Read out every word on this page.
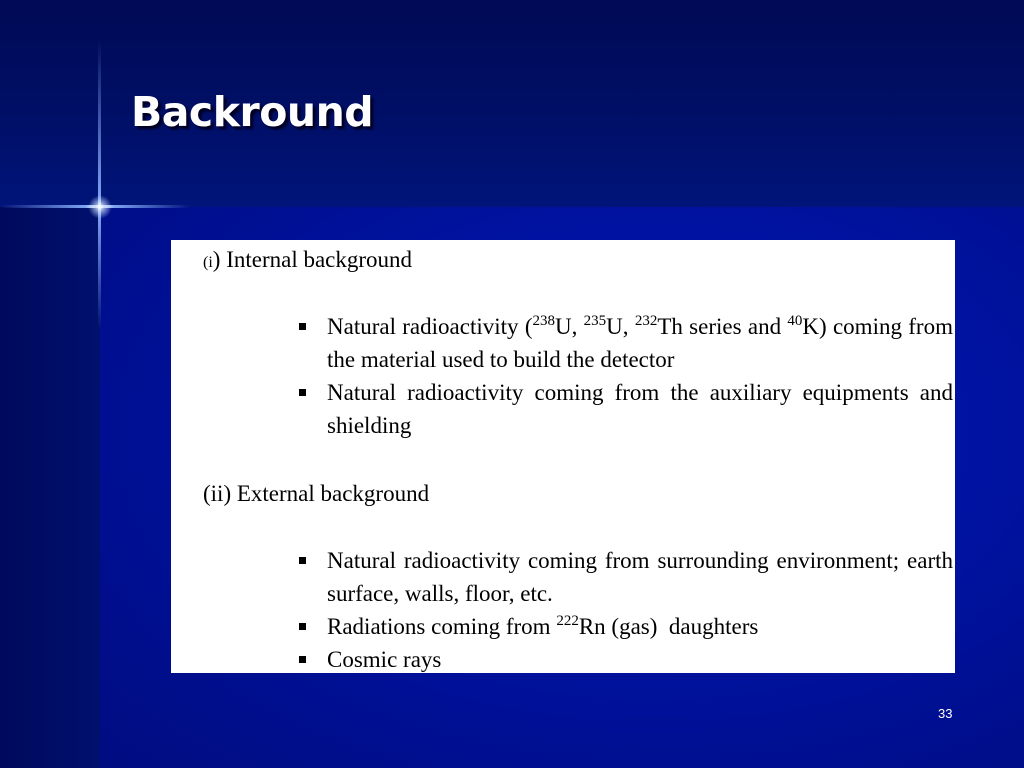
Backround

(i) Internal background

Natural radioactivity ($^{238}$U, $^{235}$U, $^{232}$Th series and $^{40}$K) coming from the material used to build the detector
Natural radioactivity coming from the auxiliary equipments and shielding

(ii) External background

Natural radioactivity coming from surrounding environment; earth surface, walls, floor, etc.
Radiations coming from $^{222}$Rn (gas)  daughters
Cosmic rays
33
